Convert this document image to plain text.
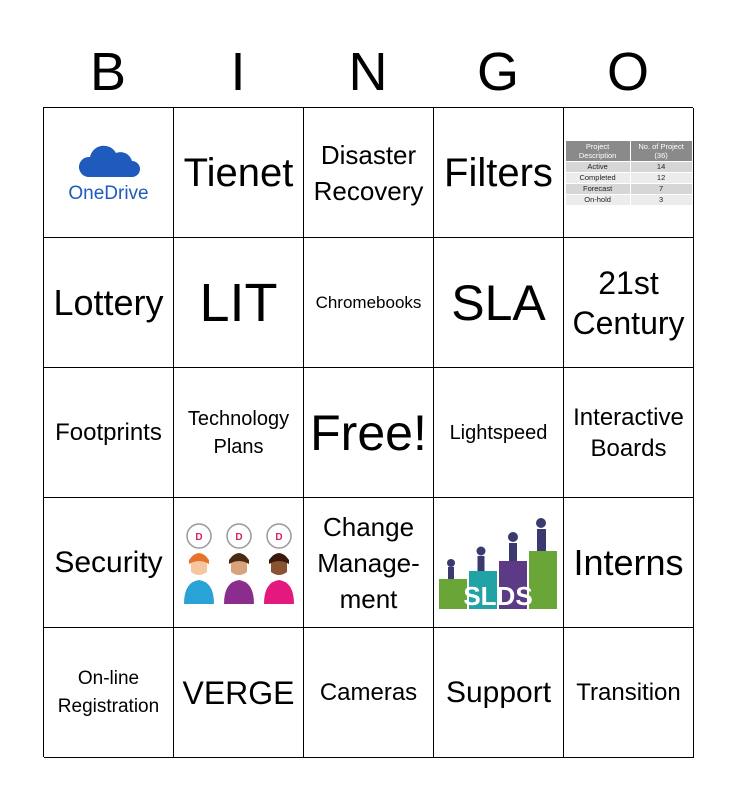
B	I	N	G	O
OneDrive Tienet Disaster
Recovery Filters
Project Description	No. of Project (36)
Active	14
Completed	12
Forecast	7
On-hold	3
Lottery LIT Chromebooks SLA	21st
Century
Footprints
Technology
Plans Free! Lightspeed
Interactive
Boards
Security
D	D	D Change
Manage-
ment	SLDS
Interns
On-line
Registration VERGE Cameras Support Transition
